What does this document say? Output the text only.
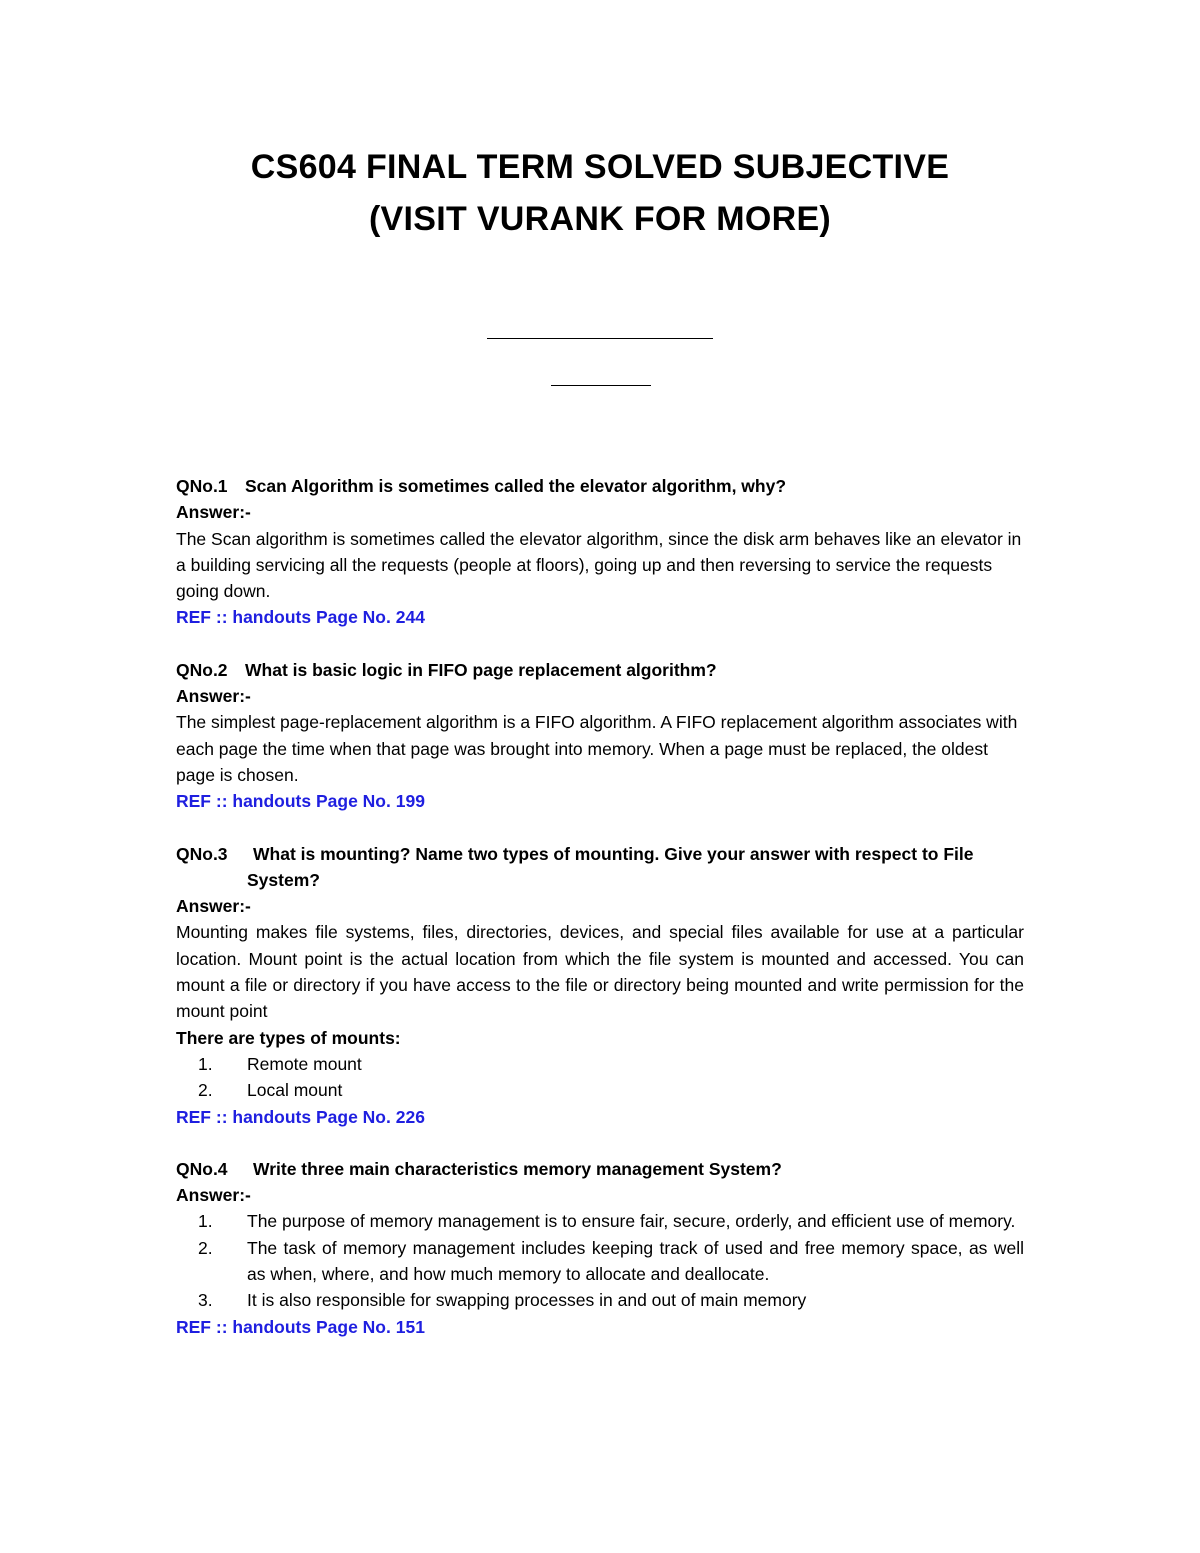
CS604 FINAL TERM SOLVED SUBJECTIVE
(VISIT VURANK FOR MORE)
QNo.1 Scan Algorithm is sometimes called the elevator algorithm, why?
Answer:-
The Scan algorithm is sometimes called the elevator algorithm, since the disk arm behaves like an elevator in a building servicing all the requests (people at floors), going up and then reversing to service the requests going down.
REF :: handouts Page No. 244
QNo.2 What is basic logic in FIFO page replacement algorithm?
Answer:-
The simplest page-replacement algorithm is a FIFO algorithm. A FIFO replacement algorithm associates with each page the time when that page was brought into memory. When a page must be replaced, the oldest page is chosen.
REF :: handouts Page No. 199
QNo.3 What is mounting? Name two types of mounting. Give your answer with respect to File System?
Answer:-
Mounting makes file systems, files, directories, devices, and special files available for use at a particular location. Mount point is the actual location from which the file system is mounted and accessed. You can mount a file or directory if you have access to the file or directory being mounted and write permission for the mount point
There are types of mounts:
1. Remote mount
2. Local mount
REF :: handouts Page No. 226
QNo.4 Write three main characteristics memory management System?
Answer:-
1. The purpose of memory management is to ensure fair, secure, orderly, and efficient use of memory.
2. The task of memory management includes keeping track of used and free memory space, as well as when, where, and how much memory to allocate and deallocate.
3. It is also responsible for swapping processes in and out of main memory
REF :: handouts Page No. 151
